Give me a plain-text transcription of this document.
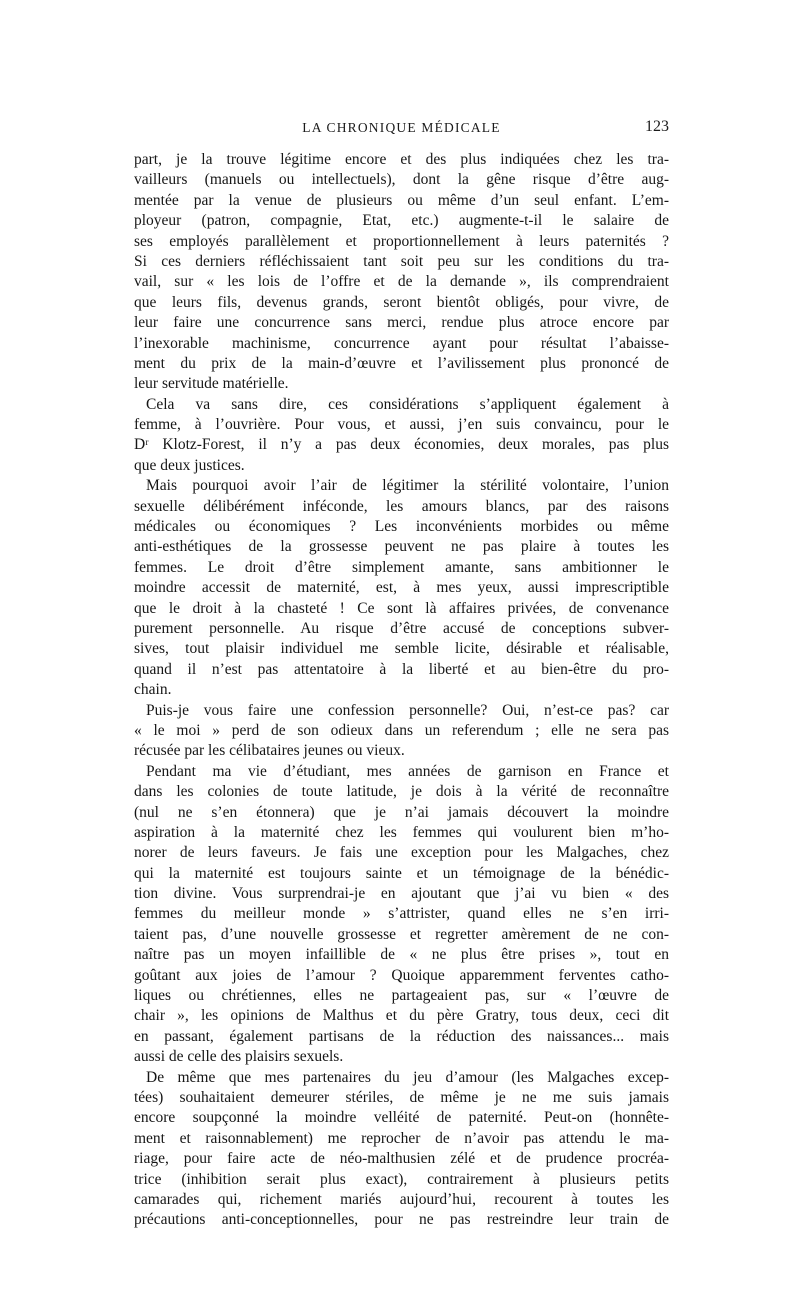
LA CHRONIQUE MÉDICALE	123
part, je la trouve légitime encore et des plus indiquées chez les tra-
vailleurs (manuels ou intellectuels), dont la gêne risque d’être aug-
mentée par la venue de plusieurs ou même d’un seul enfant. L’em-
ployeur (patron, compagnie, Etat, etc.) augmente-t-il le salaire de
ses employés parallèlement et proportionnellement à leurs paternités ?
Si ces derniers réfléchissaient tant soit peu sur les conditions du tra-
vail, sur « les lois de l’offre et de la demande », ils comprendraient
que leurs fils, devenus grands, seront bientôt obligés, pour vivre, de
leur faire une concurrence sans merci, rendue plus atroce encore par
l’inexorable machinisme, concurrence ayant pour résultat l’abaisse-
ment du prix de la main-d’œuvre et l’avilissement plus prononcé de
leur servitude matérielle.
Cela va sans dire, ces considérations s’appliquent également à
femme, à l’ouvrière. Pour vous, et aussi, j’en suis convaincu, pour le
Dʳ Klotz-Forest, il n’y a pas deux économies, deux morales, pas plus
que deux justices.
Mais pourquoi avoir l’air de légitimer la stérilité volontaire, l’union
sexuelle délibérément inféconde, les amours blancs, par des raisons
médicales ou économiques ? Les inconvénients morbides ou même
anti-esthétiques de la grossesse peuvent ne pas plaire à toutes les
femmes. Le droit d’être simplement amante, sans ambitionner le
moindre accessit de maternité, est, à mes yeux, aussi imprescriptible
que le droit à la chasteté ! Ce sont là affaires privées, de convenance
purement personnelle. Au risque d’être accusé de conceptions subver-
sives, tout plaisir individuel me semble licite, désirable et réalisable,
quand il n’est pas attentatoire à la liberté et au bien-être du pro-
chain.
Puis-je vous faire une confession personnelle? Oui, n’est-ce pas? car
« le moi » perd de son odieux dans un referendum ; elle ne sera pas
récusée par les célibataires jeunes ou vieux.
Pendant ma vie d’étudiant, mes années de garnison en France et
dans les colonies de toute latitude, je dois à la vérité de reconnaître
(nul ne s’en étonnera) que je n’ai jamais découvert la moindre
aspiration à la maternité chez les femmes qui voulurent bien m’ho-
norer de leurs faveurs. Je fais une exception pour les Malgaches, chez
qui la maternité est toujours sainte et un témoignage de la bénédic-
tion divine. Vous surprendrai-je en ajoutant que j’ai vu bien « des
femmes du meilleur monde » s’attrister, quand elles ne s’en irri-
taient pas, d’une nouvelle grossesse et regretter amèrement de ne con-
naître pas un moyen infaillible de « ne plus être prises », tout en
goûtant aux joies de l’amour ? Quoique apparemment ferventes catho-
liques ou chrétiennes, elles ne partageaient pas, sur « l’œuvre de
chair », les opinions de Malthus et du père Gratry, tous deux, ceci dit
en passant, également partisans de la réduction des naissances... mais
aussi de celle des plaisirs sexuels.
De même que mes partenaires du jeu d’amour (les Malgaches excep-
tées) souhaitaient demeurer stériles, de même je ne me suis jamais
encore soupçonné la moindre velléité de paternité. Peut-on (honnête-
ment et raisonnablement) me reprocher de n’avoir pas attendu le ma-
riage, pour faire acte de néo-malthusien zélé et de prudence procréa-
trice (inhibition serait plus exact), contrairement à plusieurs petits
camarades qui, richement mariés aujourd’hui, recourent à toutes les
précautions anti-conceptionnelles, pour ne pas restreindre leur train de
